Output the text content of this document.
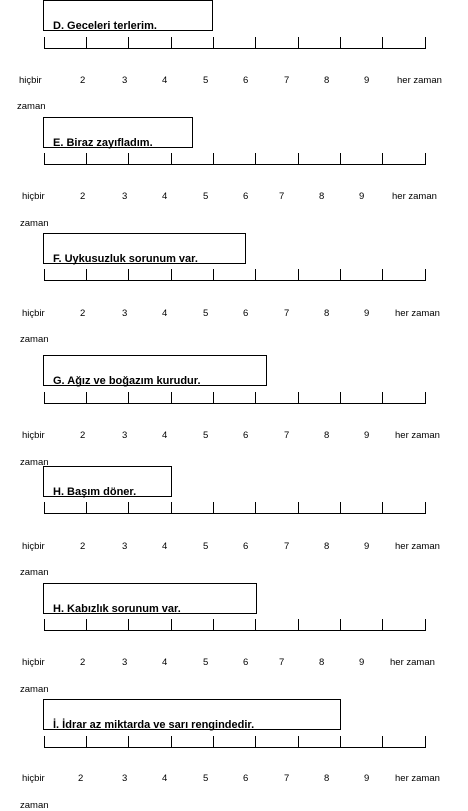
D. Geceleri terlerim.
hiçbir	2	3	4	5	6	7	8	9	her zaman
zaman
E. Biraz zayıfladım.
hiçbir	2	3	4	5	6	7	8	9	her zaman
zaman
F. Uykusuzluk sorunum var.
hiçbir	2	3	4	5	6	7	8	9	her zaman
zaman
G. Ağız ve boğazım kurudur.
hiçbir	2	3	4	5	6	7	8	9	her zaman
zaman
H. Başım döner.
hiçbir	2	3	4	5	6	7	8	9	her zaman
zaman
H. Kabızlık sorunum var.
hiçbir	2	3	4	5	6	7	8	9	her zaman
zaman
İ. İdrar az miktarda ve sarı rengindedir.
hiçbir	2	3	4	5	6	7	8	9	her zaman
zaman
